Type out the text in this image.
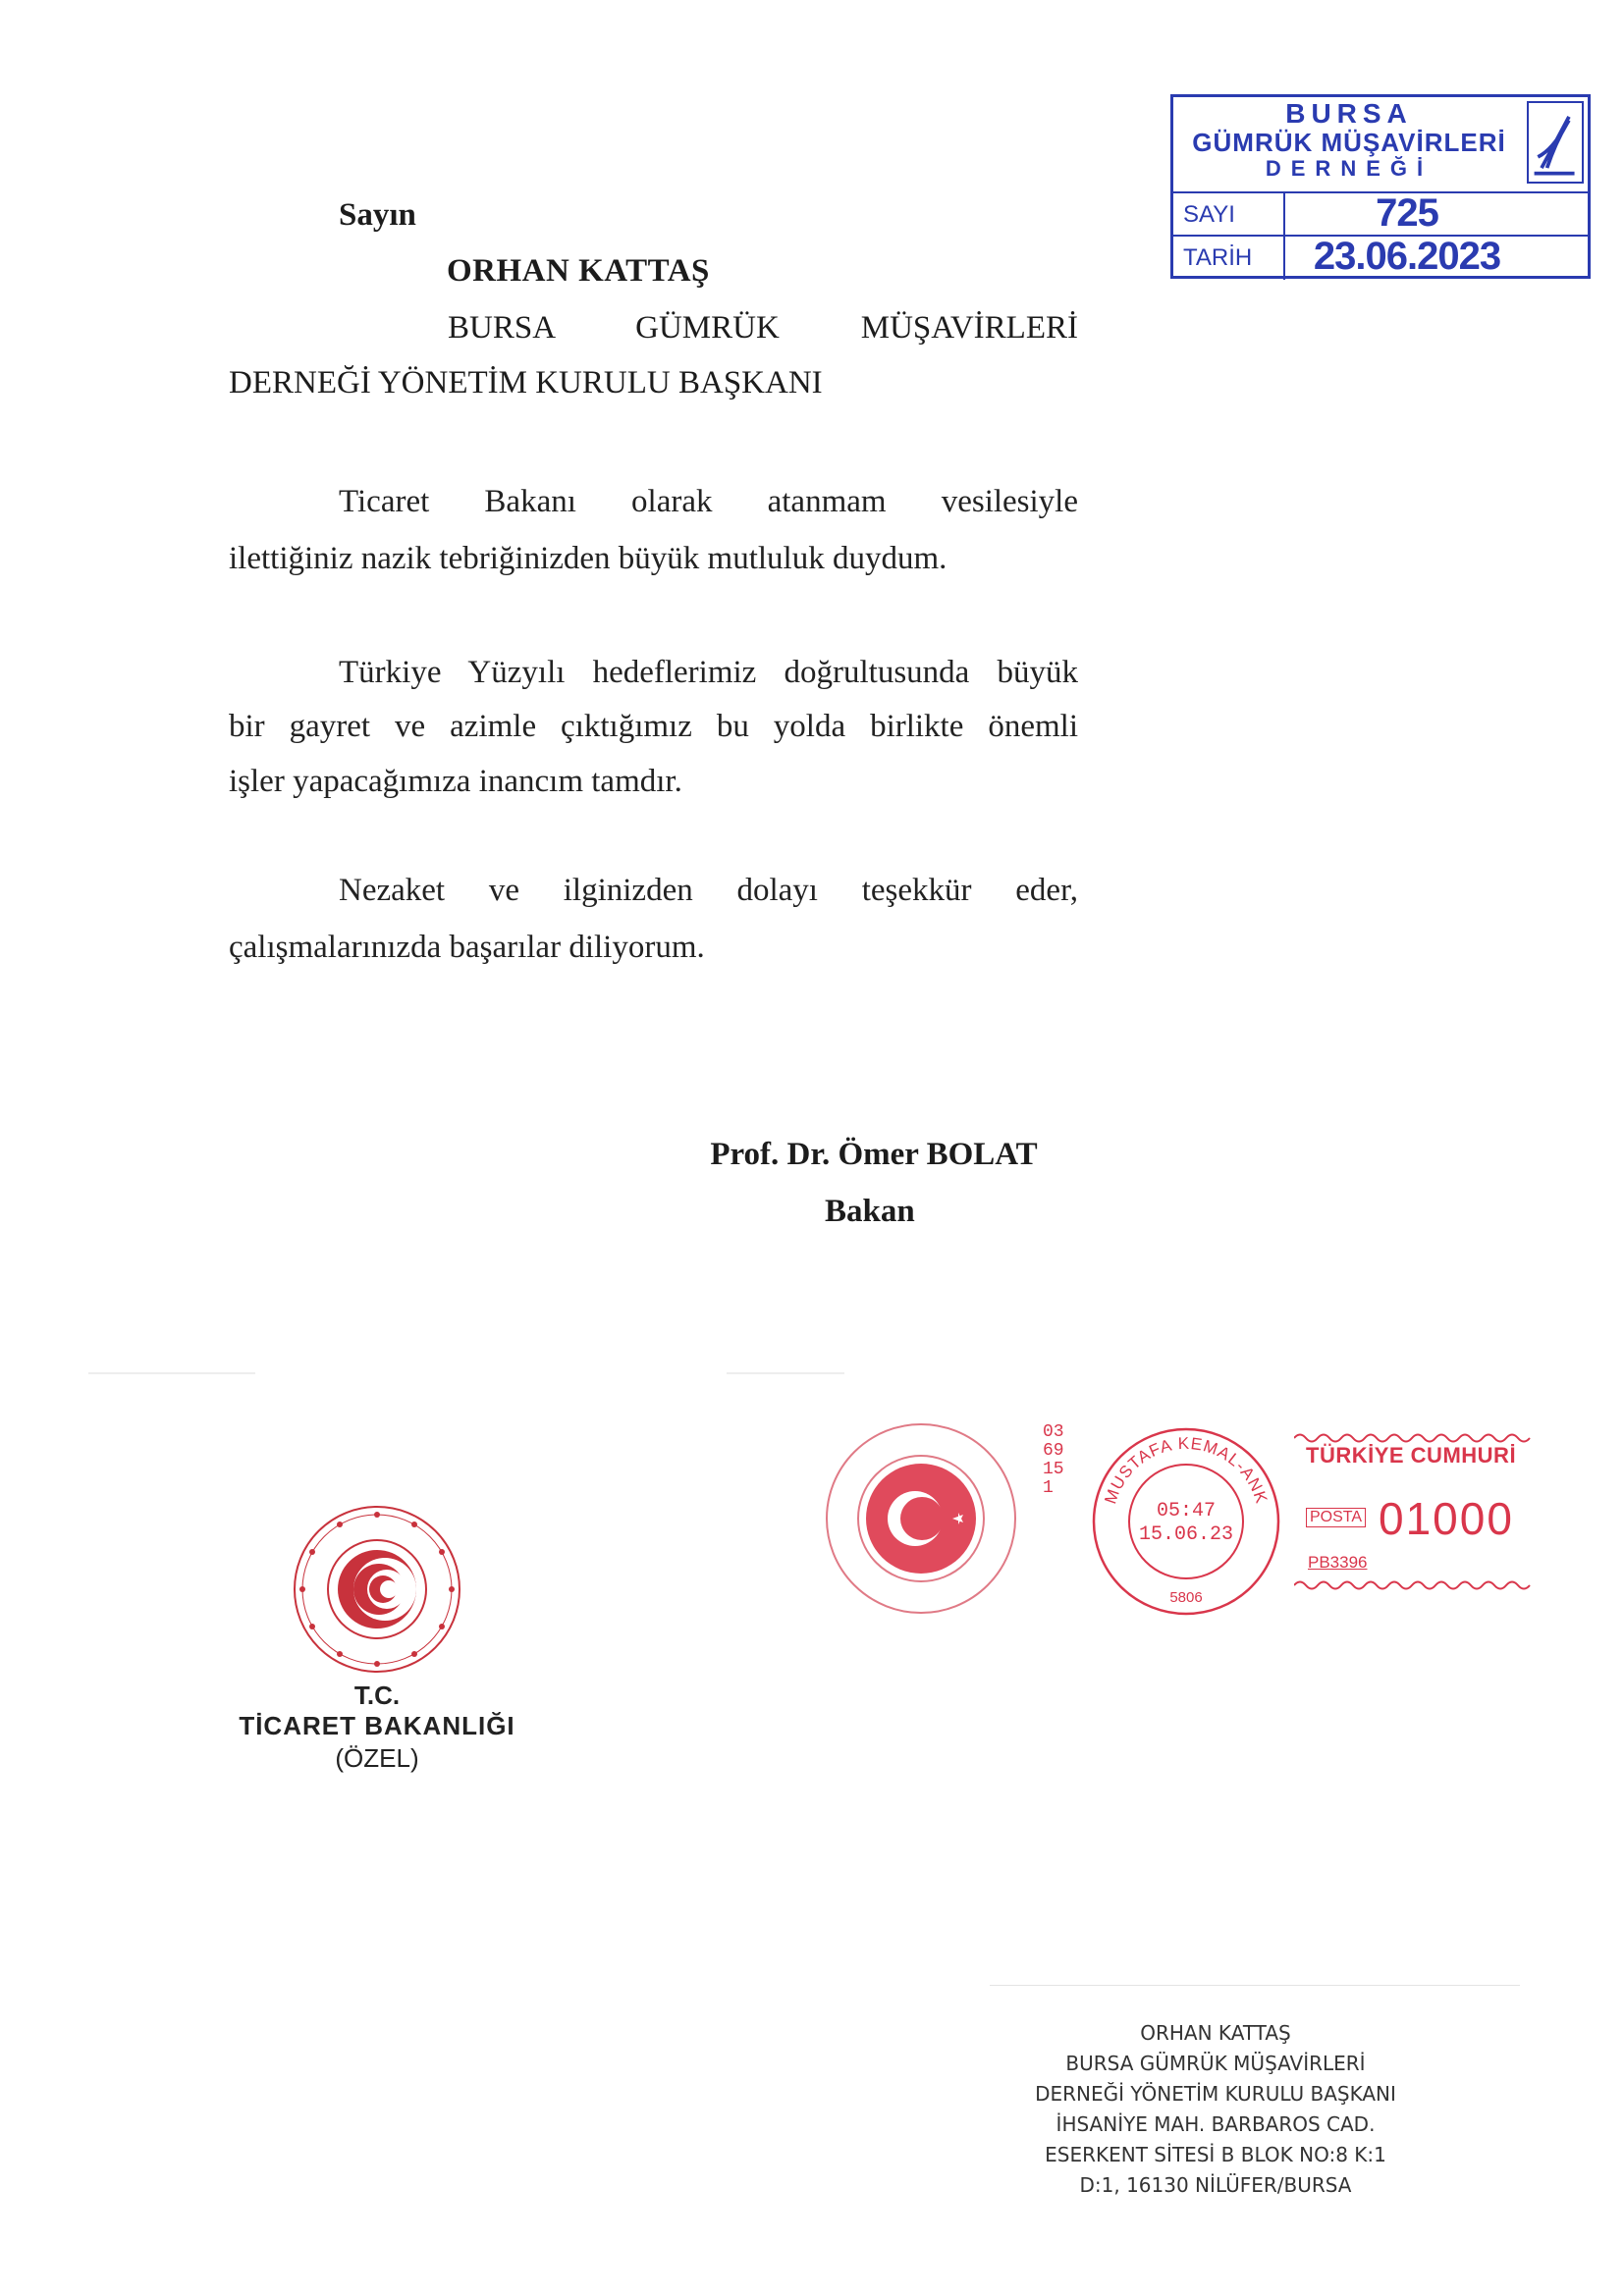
BURSA
GÜMRÜK MÜŞAVİRLERİ
DERNEĞİ
SAYI	725
TARİH	23.06.2023
Sayın
ORHAN KATTAŞ
BURSA GÜMRÜK MÜŞAVİRLERİ
DERNEĞİ YÖNETİM KURULU BAŞKANI
Ticaret Bakanı olarak atanmam vesilesiyle
ilettiğiniz nazik tebriğinizden büyük mutluluk duydum.
Türkiye Yüzyılı hedeflerimiz doğrultusunda büyük
bir gayret ve azimle çıktığımız bu yolda birlikte önemli
işler yapacağımıza inancım tamdır.
Nezaket ve ilginizden dolayı teşekkür eder,
çalışmalarınızda başarılar diliyorum.
Prof. Dr. Ömer BOLAT
Bakan
T.C.
TİCARET BAKANLIĞI
(ÖZEL)
0369151	MUSTAFA KEMAL-ANK
05:47
15.06.23
5806
TÜRKİYE CUMHURİ
POSTA 01000
PB3396
ORHAN KATTAŞ
BURSA GÜMRÜK MÜŞAVİRLERİ
DERNEĞİ YÖNETİM KURULU BAŞKANI
İHSANİYE MAH. BARBAROS CAD.
ESERKENT SİTESİ B BLOK NO:8 K:1
D:1, 16130 NİLÜFER/BURSA
